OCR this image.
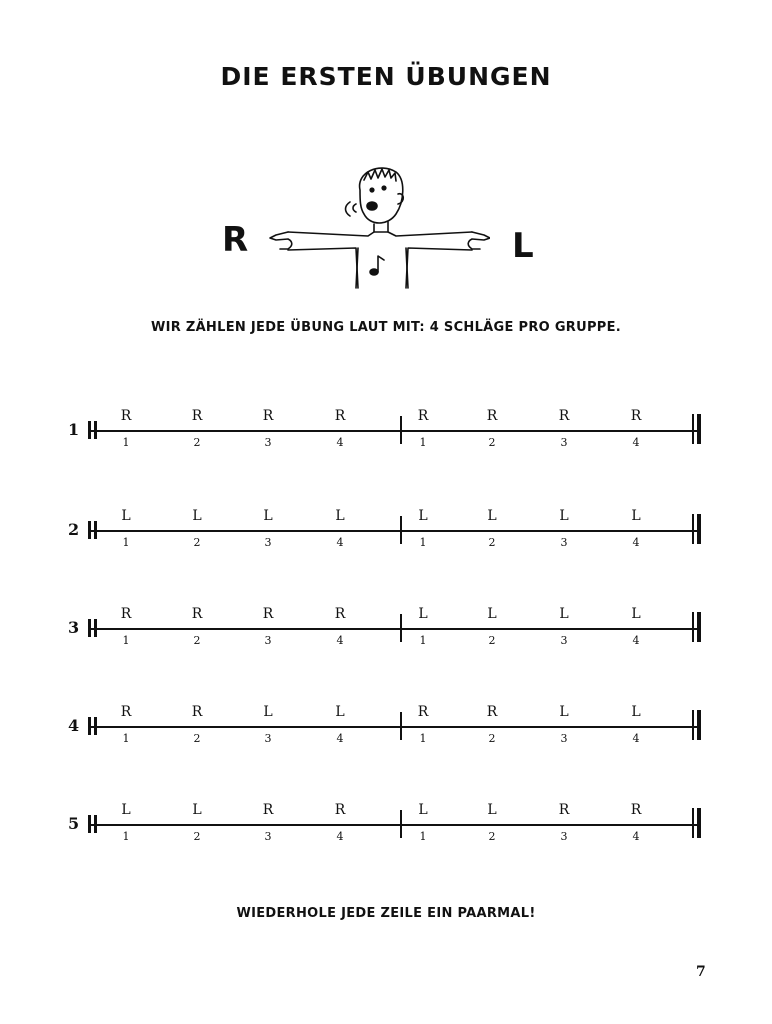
DIE ERSTEN ÜBUNGEN
R	L
WIR ZÄHLEN JEDE ÜBUNG LAUT MIT: 4 SCHLÄGE PRO GRUPPE.
1
R	R	R	R	R	R	R	R
1	2	3	4	1	2	3	4
2
L	L	L	L	L	L	L	L
1	2	3	4	1	2	3	4
3
R	R	R	R	L	L	L	L
1	2	3	4	1	2	3	4
4
R	R	L	L	R	R	L	L
1	2	3	4	1	2	3	4
5
L	L	R	R	L	L	R	R
1	2	3	4	1	2	3	4
WIEDERHOLE JEDE ZEILE EIN PAARMAL!
7
